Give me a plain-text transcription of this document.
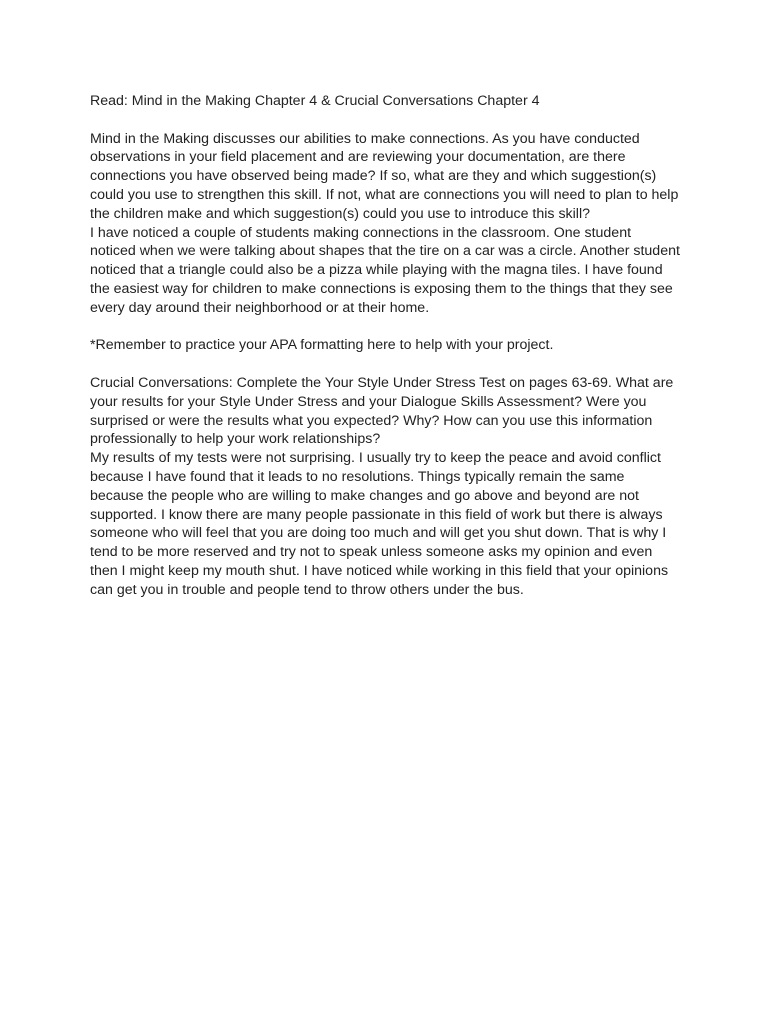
Read: Mind in the Making Chapter 4 & Crucial Conversations Chapter 4

Mind in the Making discusses our abilities to make connections. As you have conducted observations in your field placement and are reviewing your documentation, are there connections you have observed being made? If so, what are they and which suggestion(s) could you use to strengthen this skill. If not, what are connections you will need to plan to help the children make and which suggestion(s) could you use to introduce this skill?

I have noticed a couple of students making connections in the classroom. One student noticed when we were talking about shapes that the tire on a car was a circle. Another student noticed that a triangle could also be a pizza while playing with the magna tiles. I have found the easiest way for children to make connections is exposing them to the things that they see every day around their neighborhood or at their home.

*Remember to practice your APA formatting here to help with your project.

Crucial Conversations: Complete the Your Style Under Stress Test on pages 63-69. What are your results for your Style Under Stress and your Dialogue Skills Assessment? Were you surprised or were the results what you expected? Why? How can you use this information professionally to help your work relationships?

My results of my tests were not surprising. I usually try to keep the peace and avoid conflict because I have found that it leads to no resolutions. Things typically remain the same because the people who are willing to make changes and go above and beyond are not supported. I know there are many people passionate in this field of work but there is always someone who will feel that you are doing too much and will get you shut down. That is why I tend to be more reserved and try not to speak unless someone asks my opinion and even then I might keep my mouth shut. I have noticed while working in this field that your opinions can get you in trouble and people tend to throw others under the bus.
